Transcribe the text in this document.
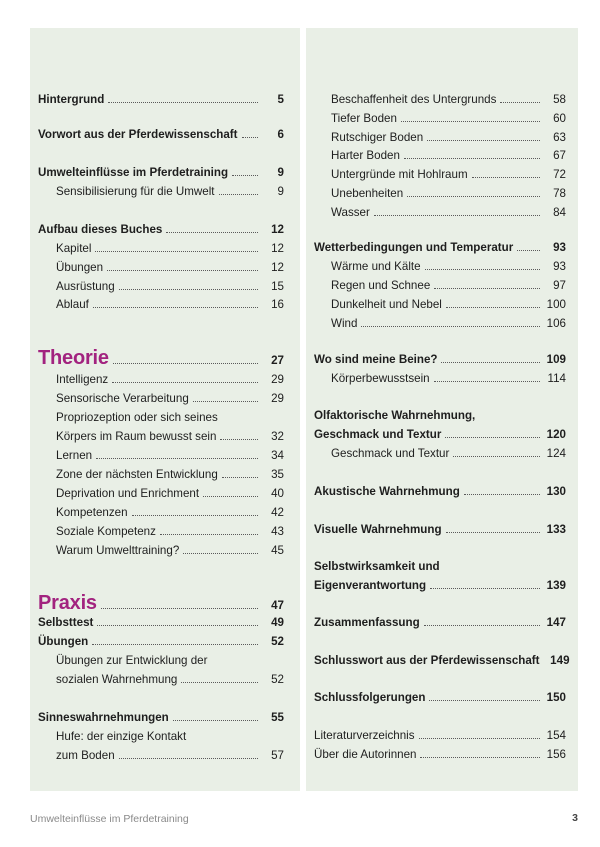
Hintergrund	5
Vorwort aus der Pferdewissenschaft	6
Umwelteinflüsse im Pferdetraining	9
Sensibilisierung für die Umwelt	9
Aufbau dieses Buches	12
Kapitel	12
Übungen	12
Ausrüstung	15
Ablauf	16
Theorie	27
Intelligenz	29
Sensorische Verarbeitung	29
Propriozeption oder sich seines
Körpers im Raum bewusst sein	32
Lernen	34
Zone der nächsten Entwicklung	35
Deprivation und Enrichment	40
Kompetenzen	42
Soziale Kompetenz	43
Warum Umwelttraining?	45
Praxis	47
Selbsttest	49
Übungen	52
Übungen zur Entwicklung der
sozialen Wahrnehmung	52
Sinneswahrnehmungen	55
Hufe: der einzige Kontakt
zum Boden	57
Beschaffenheit des Untergrunds	58
Tiefer Boden	60
Rutschiger Boden	63
Harter Boden	67
Untergründe mit Hohlraum	72
Unebenheiten	78
Wasser	84
Wetterbedingungen und Temperatur	93
Wärme und Kälte	93
Regen und Schnee	97
Dunkelheit und Nebel	100
Wind	106
Wo sind meine Beine?	109
Körperbewusstsein	114
Olfaktorische Wahrnehmung,
Geschmack und Textur	120
Geschmack und Textur	124
Akustische Wahrnehmung	130
Visuelle Wahrnehmung	133
Selbstwirksamkeit und
Eigenverantwortung	139
Zusammenfassung	147
Schlusswort aus der Pferdewissenschaft 149
Schlussfolgerungen	150
Literaturverzeichnis	154
Über die Autorinnen	156
Umwelteinflüsse im Pferdetraining	3
